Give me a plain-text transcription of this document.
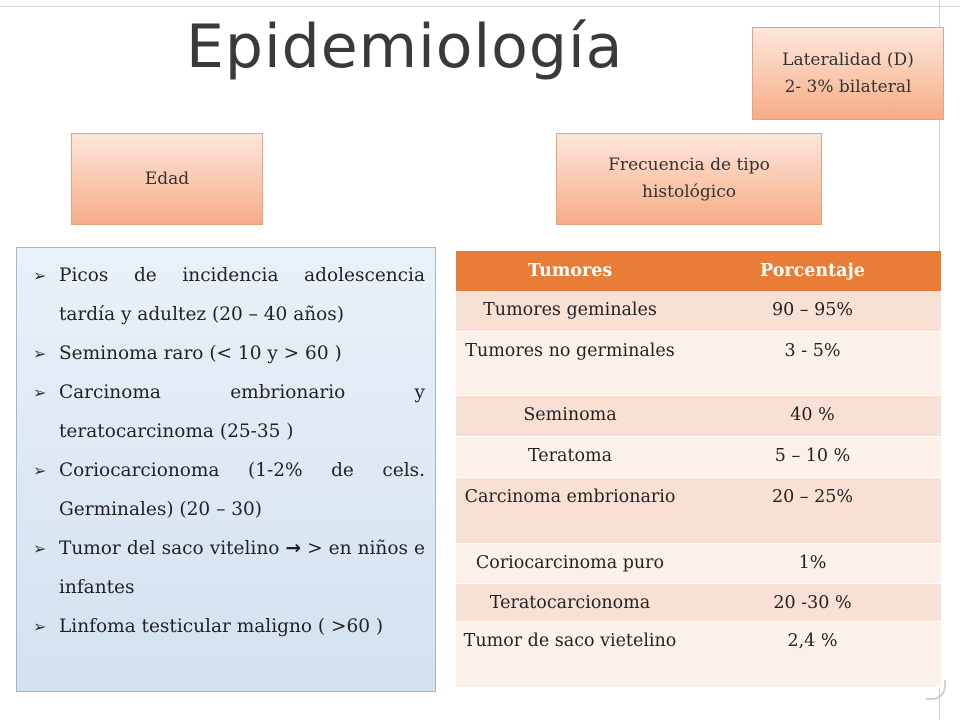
Epidemiología	Lateralidad (D)
2- 3% bilateral
Edad
Frecuencia de tipo
histológico
➢ Picos de incidencia adolescencia tardía y adultez (20 – 40 años)
➢ Seminoma raro (< 10 y > 60 )
➢ Carcinoma embrionario y teratocarcinoma (25-35 )
➢ Coriocarcionoma (1-2% de cels. Germinales) (20 – 30)
➢ Tumor del saco vitelino → > en niños e infantes
➢ Linfoma testicular maligno ( >60 )
Tumores	Porcentaje
Tumores geminales	90 – 95%
Tumores no germinales	3 - 5%
Seminoma	40 %
Teratoma	5 – 10 %
Carcinoma embrionario	20 – 25%
Coriocarcinoma puro	1%
Teratocarcionoma	20 -30 %
Tumor de saco vietelino	2,4 %
